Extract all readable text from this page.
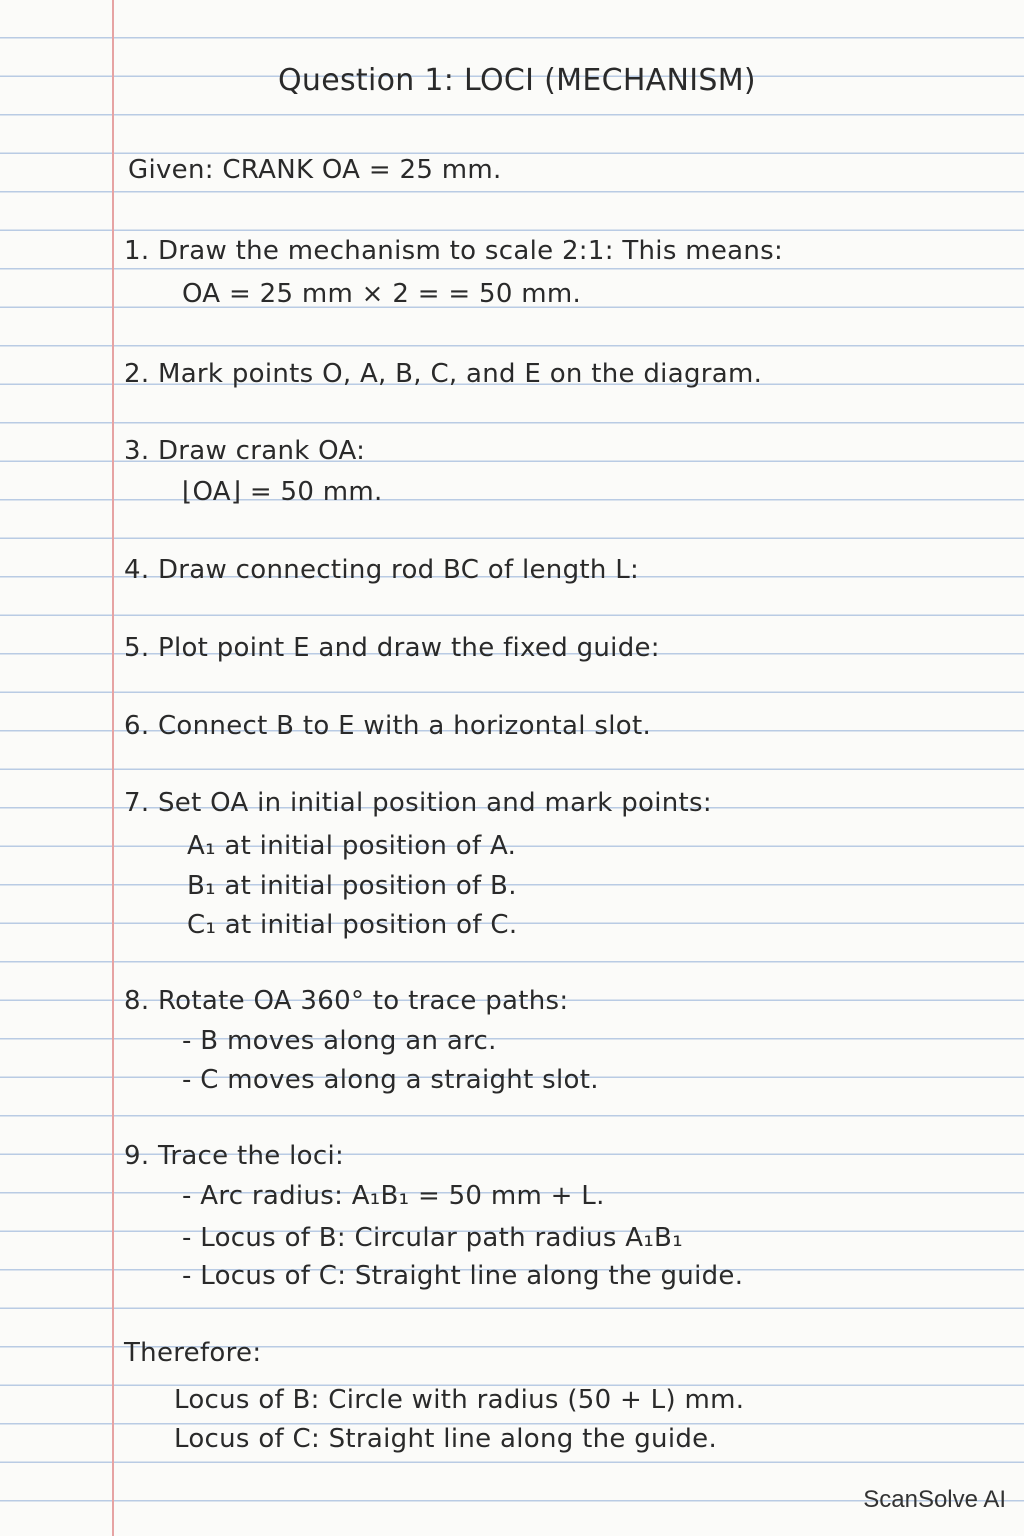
Question 1: LOCI (MECHANISM)
Given: CRANK OA = 25 mm.
1. Draw the mechanism to scale 2:1: This means:
OA = 25 mm × 2 = = 50 mm.
2. Mark points O, A, B, C, and E on the diagram.
3. Draw crank OA:
⌊OA⌋ = 50 mm.
4. Draw connecting rod BC of length L:
5. Plot point E and draw the fixed guide:
6. Connect B to E with a horizontal slot.
7. Set OA in initial position and mark points:
A₁ at initial position of A.
B₁ at initial position of B.
C₁ at initial position of C.
8. Rotate OA 360° to trace paths:
- B moves along an arc.
- C moves along a straight slot.
9. Trace the loci:
- Arc radius: A₁B₁ = 50 mm + L.
- Locus of B: Circular path radius A₁B₁
- Locus of C: Straight line along the guide.
Therefore:
Locus of B: Circle with radius (50 + L) mm.
Locus of C: Straight line along the guide.
ScanSolve AI
